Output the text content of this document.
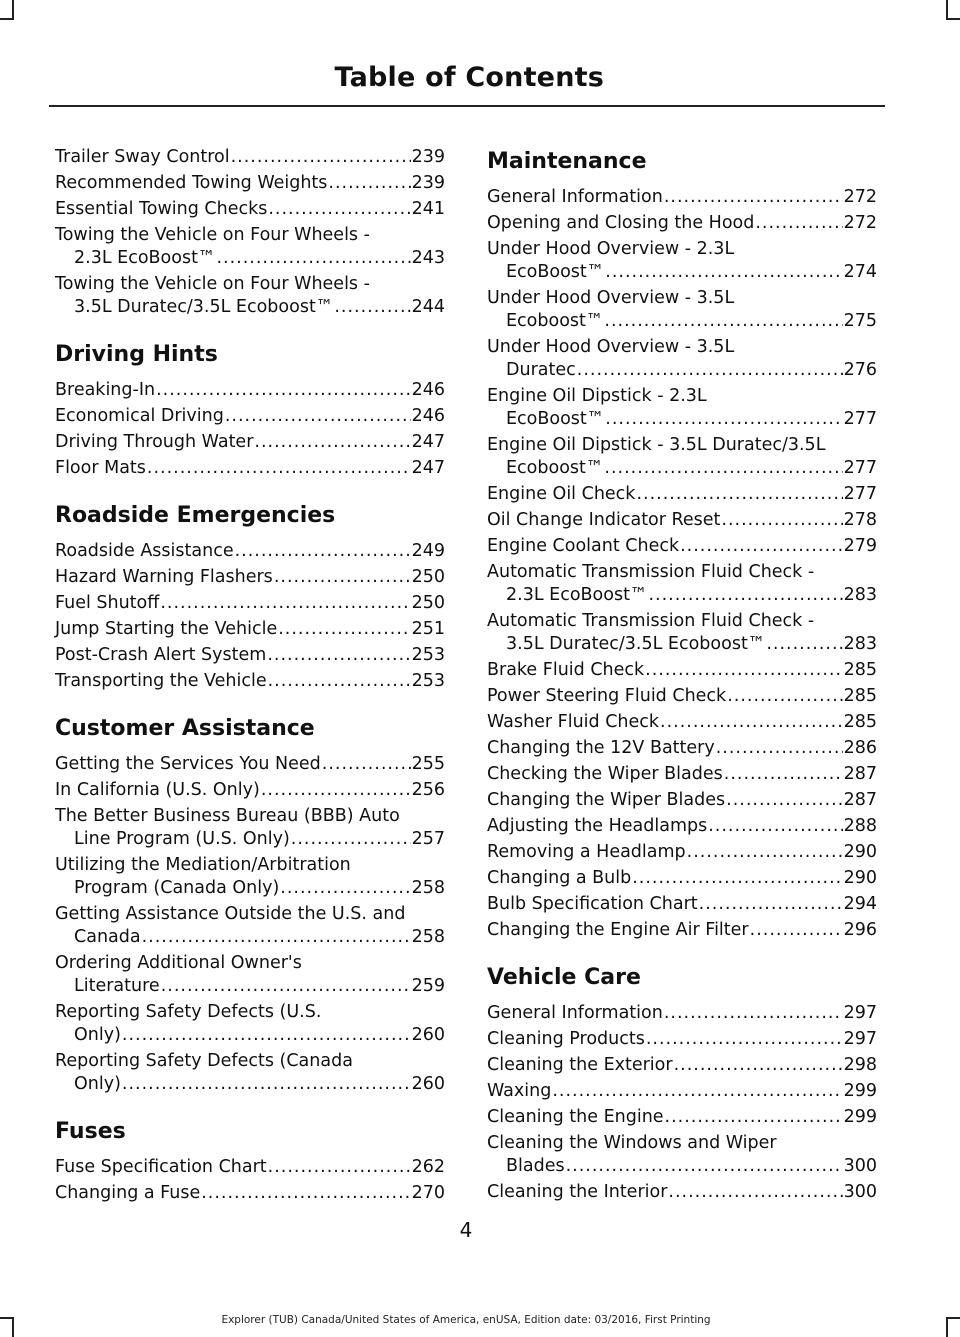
Table of Contents
Trailer Sway Control .....	239
Recommended Towing Weights .....	239
Essential Towing Checks .....	241
Towing the Vehicle on Four Wheels -
2.3L EcoBoost™ .....	243
Towing the Vehicle on Four Wheels -
3.5L Duratec/3.5L Ecoboost™ .....	244
Driving Hints
Breaking-In .....	246
Economical Driving .....	246
Driving Through Water .....	247
Floor Mats .....	247
Roadside Emergencies
Roadside Assistance .....	249
Hazard Warning Flashers .....	250
Fuel Shutoff .....	250
Jump Starting the Vehicle .....	251
Post-Crash Alert System .....	253
Transporting the Vehicle .....	253
Customer Assistance
Getting the Services You Need .....	255
In California (U.S. Only) .....	256
The Better Business Bureau (BBB) Auto
Line Program (U.S. Only) .....	257
Utilizing the Mediation/Arbitration
Program (Canada Only) .....	258
Getting Assistance Outside the U.S. and
Canada .....	258
Ordering Additional Owner's
Literature .....	259
Reporting Safety Defects (U.S.
Only) .....	260
Reporting Safety Defects (Canada
Only) .....	260
Fuses
Fuse Specification Chart .....	262
Changing a Fuse .....	270
Maintenance
General Information .....	272
Opening and Closing the Hood .....	272
Under Hood Overview - 2.3L
EcoBoost™ .....	274
Under Hood Overview - 3.5L
Ecoboost™ .....	275
Under Hood Overview - 3.5L
Duratec .....	276
Engine Oil Dipstick - 2.3L
EcoBoost™ .....	277
Engine Oil Dipstick - 3.5L Duratec/3.5L
Ecoboost™ .....	277
Engine Oil Check .....	277
Oil Change Indicator Reset .....	278
Engine Coolant Check .....	279
Automatic Transmission Fluid Check -
2.3L EcoBoost™ .....	283
Automatic Transmission Fluid Check -
3.5L Duratec/3.5L Ecoboost™ .....	283
Brake Fluid Check .....	285
Power Steering Fluid Check .....	285
Washer Fluid Check .....	285
Changing the 12V Battery .....	286
Checking the Wiper Blades .....	287
Changing the Wiper Blades .....	287
Adjusting the Headlamps .....	288
Removing a Headlamp .....	290
Changing a Bulb .....	290
Bulb Specification Chart .....	294
Changing the Engine Air Filter .....	296
Vehicle Care
General Information .....	297
Cleaning Products .....	297
Cleaning the Exterior .....	298
Waxing .....	299
Cleaning the Engine .....	299
Cleaning the Windows and Wiper
Blades .....	300
Cleaning the Interior .....	300
4
Explorer (TUB) Canada/United States of America, enUSA, Edition date: 03/2016, First Printing
